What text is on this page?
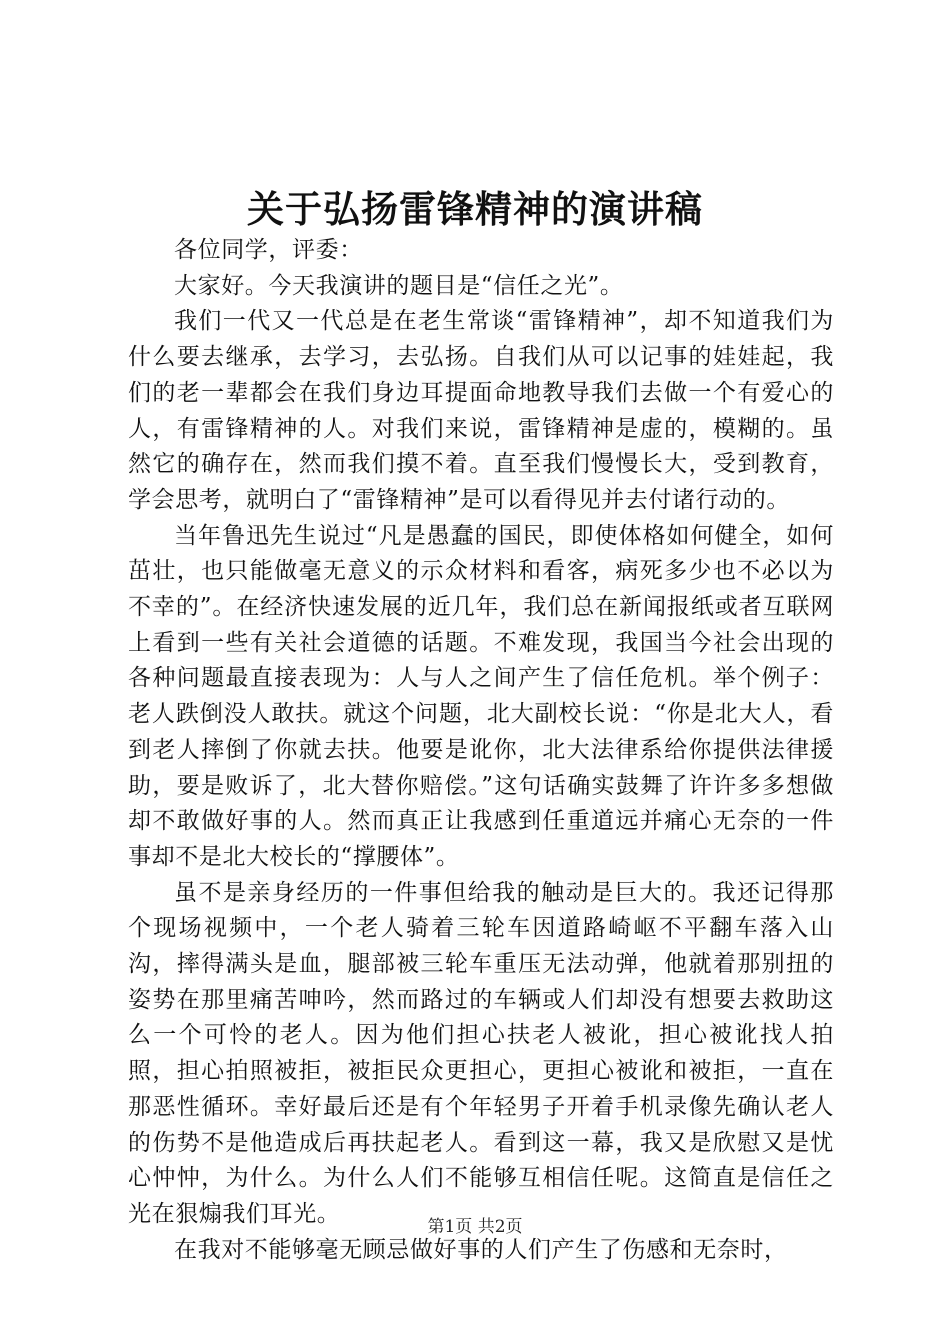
关于弘扬雷锋精神的演讲稿

各位同学，评委：

大家好。今天我演讲的题目是“信任之光”。

我们一代又一代总是在老生常谈“雷锋精神”，却不知道我们为什么要去继承，去学习，去弘扬。自我们从可以记事的娃娃起，我们的老一辈都会在我们身边耳提面命地教导我们去做一个有爱心的人，有雷锋精神的人。对我们来说，雷锋精神是虚的，模糊的。虽然它的确存在，然而我们摸不着。直至我们慢慢长大，受到教育，学会思考，就明白了“雷锋精神”是可以看得见并去付诸行动的。

当年鲁迅先生说过“凡是愚蠢的国民，即使体格如何健全，如何茁壮，也只能做毫无意义的示众材料和看客，病死多少也不必以为不幸的”。在经济快速发展的近几年，我们总在新闻报纸或者互联网上看到一些有关社会道德的话题。不难发现，我国当今社会出现的各种问题最直接表现为：人与人之间产生了信任危机。举个例子：老人跌倒没人敢扶。就这个问题，北大副校长说：“你是北大人，看到老人摔倒了你就去扶。他要是讹你，北大法律系给你提供法律援助，要是败诉了，北大替你赔偿。”这句话确实鼓舞了许许多多想做却不敢做好事的人。然而真正让我感到任重道远并痛心无奈的一件事却不是北大校长的“撑腰体”。

虽不是亲身经历的一件事但给我的触动是巨大的。我还记得那个现场视频中，一个老人骑着三轮车因道路崎岖不平翻车落入山沟，摔得满头是血，腿部被三轮车重压无法动弹，他就着那别扭的姿势在那里痛苦呻吟，然而路过的车辆或人们却没有想要去救助这么一个可怜的老人。因为他们担心扶老人被讹，担心被讹找人拍照，担心拍照被拒，被拒民众更担心，更担心被讹和被拒，一直在那恶性循环。幸好最后还是有个年轻男子开着手机录像先确认老人的伤势不是他造成后再扶起老人。看到这一幕，我又是欣慰又是忧心忡忡，为什么。为什么人们不能够互相信任呢。这简直是信任之光在狠煽我们耳光。

在我对不能够毫无顾忌做好事的人们产生了伤感和无奈时，

第1页 共2页
